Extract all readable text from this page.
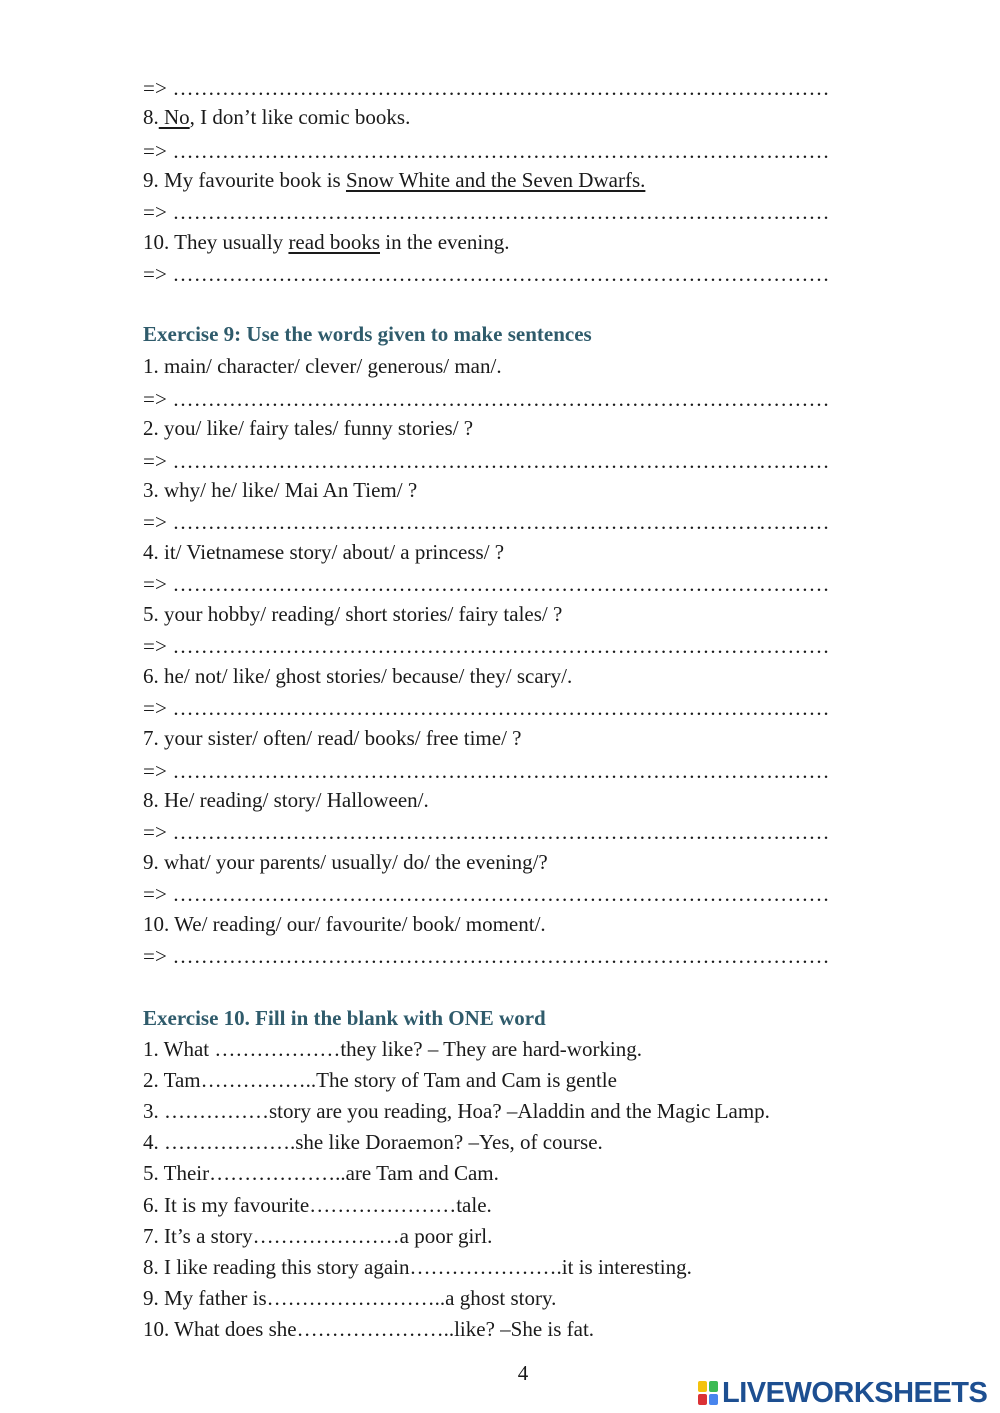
=> …………………………………………………………………………………
8. No, I don’t like comic books.
=> …………………………………………………………………………………
9. My favourite book is Snow White and the Seven Dwarfs.
=> …………………………………………………………………………………
10. They usually read books in the evening.
=> …………………………………………………………………………………
Exercise 9: Use the words given to make sentences
1. main/ character/ clever/ generous/ man/.
=> …………………………………………………………………………………
2. you/ like/ fairy tales/ funny stories/ ?
=> …………………………………………………………………………………
3. why/ he/ like/ Mai An Tiem/ ?
=> …………………………………………………………………………………
4. it/ Vietnamese story/ about/ a princess/ ?
=> …………………………………………………………………………………
5. your hobby/ reading/ short stories/ fairy tales/ ?
=> …………………………………………………………………………………
6. he/ not/ like/ ghost stories/ because/ they/ scary/.
=> …………………………………………………………………………………
7. your sister/ often/ read/ books/ free time/ ?
=> …………………………………………………………………………………
8. He/ reading/ story/ Halloween/.
=> …………………………………………………………………………………
9. what/ your parents/ usually/ do/ the evening/?
=> …………………………………………………………………………………
10. We/ reading/ our/ favourite/ book/ moment/.
=> …………………………………………………………………………………
Exercise 10. Fill in the blank with ONE word
1. What ………………they like? – They are hard-working.
2. Tam……………..The story of Tam and Cam is gentle
3. ……………story are you reading, Hoa? –Aladdin and the Magic Lamp.
4. ……………….she like Doraemon? –Yes, of course.
5. Their………………..are Tam and Cam.
6. It is my favourite…………………tale.
7. It’s a story…………………a poor girl.
8. I like reading this story again………………….it is interesting.
9. My father is……………………..a ghost story.
10. What does she…………………..like? –She is fat.
4
LIVEWORKSHEETS
